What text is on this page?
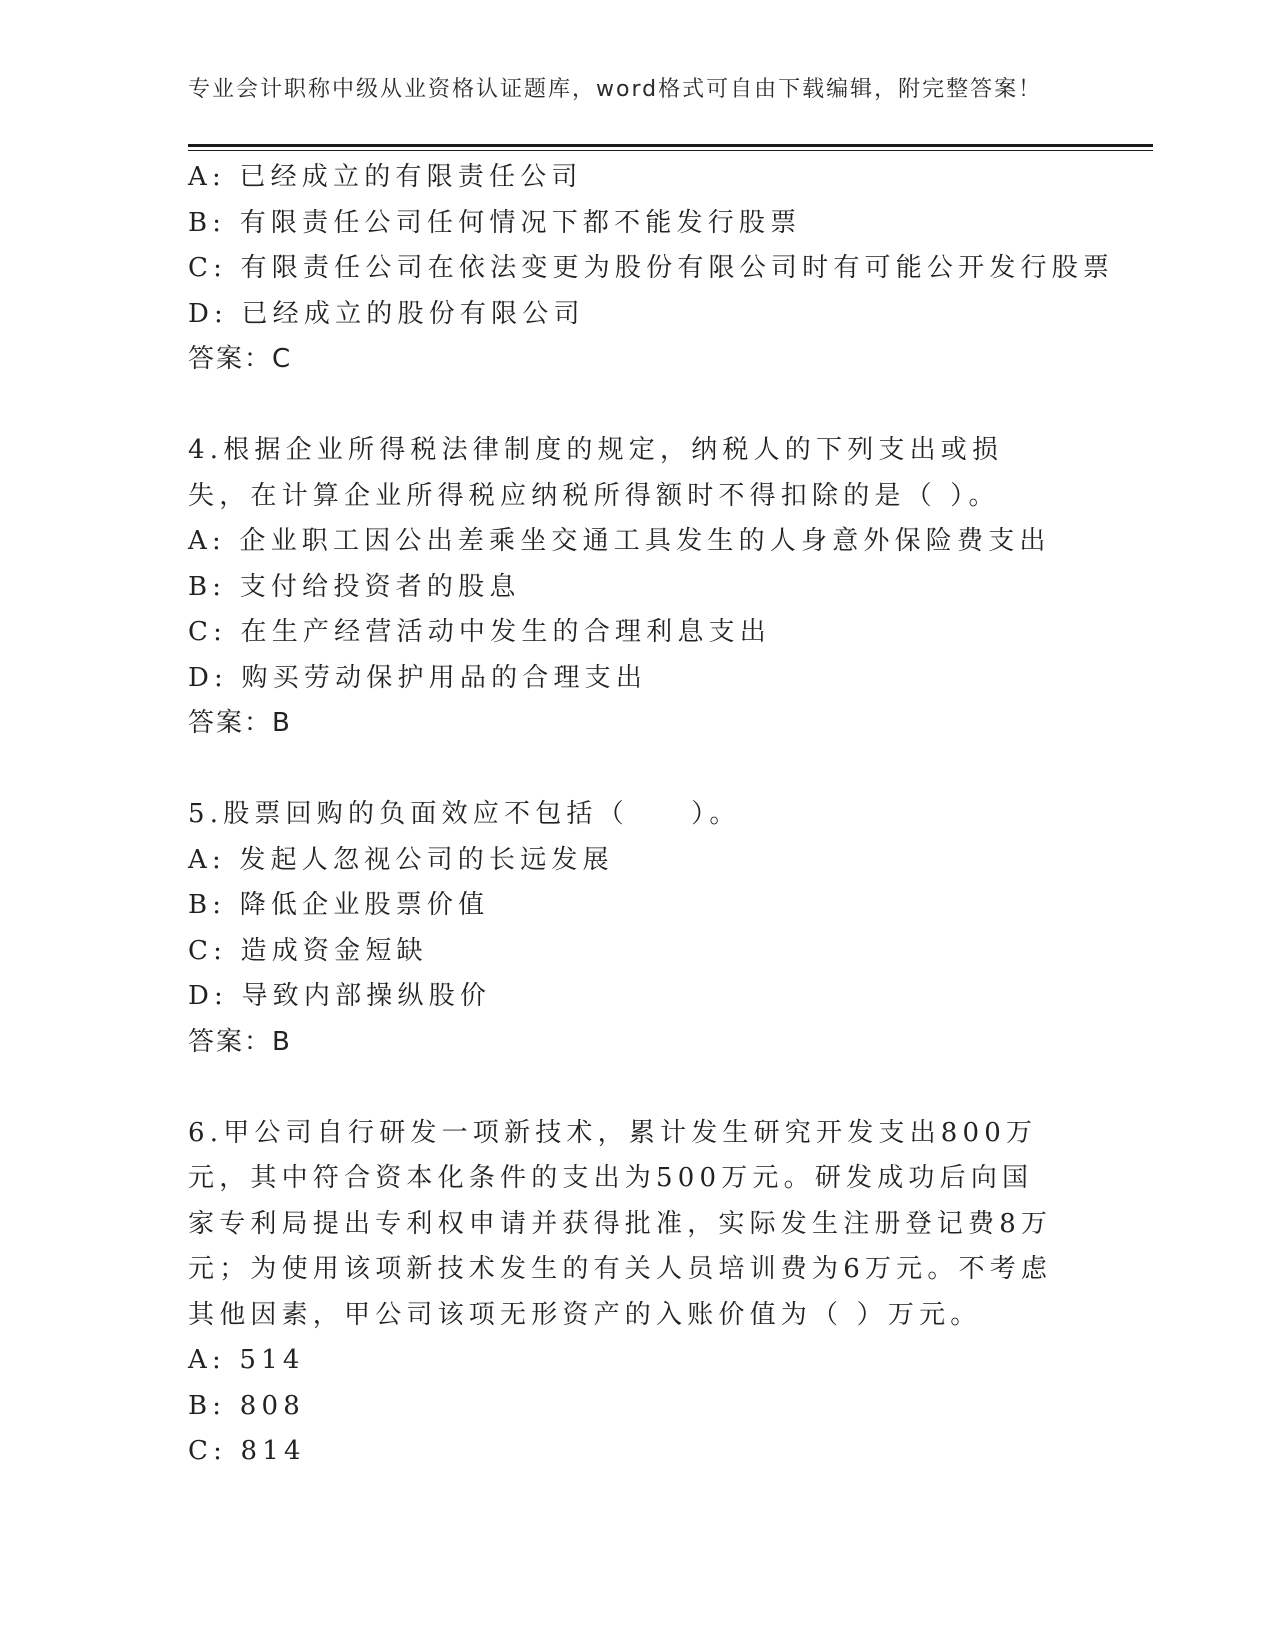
专业会计职称中级从业资格认证题库，word格式可自由下载编辑，附完整答案！
A: 已经成立的有限责任公司
B: 有限责任公司任何情况下都不能发行股票
C: 有限责任公司在依法变更为股份有限公司时有可能公开发行股票
D: 已经成立的股份有限公司
答案：C
4.根据企业所得税法律制度的规定，纳税人的下列支出或损失，在计算企业所得税应纳税所得额时不得扣除的是（ ）。
A: 企业职工因公出差乘坐交通工具发生的人身意外保险费支出
B: 支付给投资者的股息
C: 在生产经营活动中发生的合理利息支出
D: 购买劳动保护用品的合理支出
答案：B
5.股票回购的负面效应不包括（　　）。
A: 发起人忽视公司的长远发展
B: 降低企业股票价值
C: 造成资金短缺
D: 导致内部操纵股价
答案：B
6.甲公司自行研发一项新技术，累计发生研究开发支出800万元，其中符合资本化条件的支出为500万元。研发成功后向国家专利局提出专利权申请并获得批准，实际发生注册登记费8万元；为使用该项新技术发生的有关人员培训费为6万元。不考虑其他因素，甲公司该项无形资产的入账价值为（ ）万元。
A: 514
B: 808
C: 814
